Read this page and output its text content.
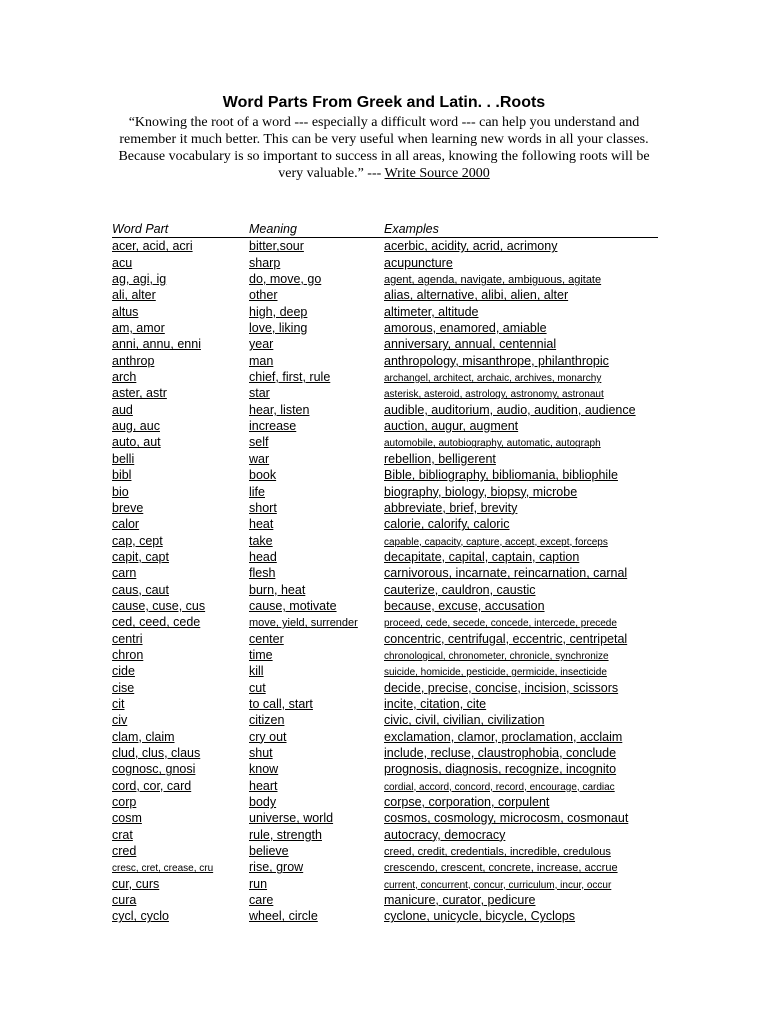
Word Parts From Greek and Latin. . .Roots
“Knowing the root of a word --- especially a difficult word --- can help you understand and remember it much better. This can be very useful when learning new words in all your classes. Because vocabulary is so important to success in all areas, knowing the following roots will be very valuable.” --- Write Source 2000
Word Part	Meaning	Examples
acer, acid, acri	bitter,sour	acerbic, acidity, acrid, acrimony
acu	sharp	acupuncture
ag, agi, ig	do, move, go	agent, agenda, navigate, ambiguous, agitate
ali, alter	other	alias, alternative, alibi, alien, alter
altus	high, deep	altimeter, altitude
am, amor	love, liking	amorous, enamored, amiable
anni, annu, enni	year	anniversary, annual, centennial
anthrop	man	anthropology, misanthrope, philanthropic
arch	chief, first, rule	archangel, architect, archaic, archives, monarchy
aster, astr	star	asterisk, asteroid, astrology, astronomy, astronaut
aud	hear, listen	audible, auditorium, audio, audition, audience
aug, auc	increase	auction, augur, augment
auto, aut	self	automobile, autobiography, automatic, autograph
belli	war	rebellion, belligerent
bibl	book	Bible, bibliography, bibliomania, bibliophile
bio	life	biography, biology, biopsy, microbe
breve	short	abbreviate, brief, brevity
calor	heat	calorie, calorify, caloric
cap, cept	take	capable, capacity, capture, accept, except, forceps
capit, capt	head	decapitate, capital, captain, caption
carn	flesh	carnivorous, incarnate, reincarnation, carnal
caus, caut	burn, heat	cauterize, cauldron, caustic
cause, cuse, cus	cause, motivate	because, excuse, accusation
ced, ceed, cede	move, yield, surrender	proceed, cede, secede, concede, intercede, precede
centri	center	concentric, centrifugal, eccentric, centripetal
chron	time	chronological, chronometer, chronicle, synchronize
cide	kill	suicide, homicide, pesticide, germicide, insecticide
cise	cut	decide, precise, concise, incision, scissors
cit	to call, start	incite, citation, cite
civ	citizen	civic, civil, civilian, civilization
clam, claim	cry out	exclamation, clamor, proclamation, acclaim
clud, clus, claus	shut	include, recluse, claustrophobia, conclude
cognosc, gnosi	know	prognosis, diagnosis, recognize, incognito
cord, cor, card	heart	cordial, accord, concord, record, encourage, cardiac
corp	body	corpse, corporation, corpulent
cosm	universe, world	cosmos, cosmology, microcosm, cosmonaut
crat	rule, strength	autocracy, democracy
cred	believe	creed, credit, credentials, incredible, credulous
cresc, cret, crease, cru	rise, grow	crescendo, crescent, concrete, increase, accrue
cur, curs	run	current, concurrent, concur, curriculum, incur, occur
cura	care	manicure, curator, pedicure
cycl, cyclo	wheel, circle	cyclone, unicycle, bicycle, Cyclops
